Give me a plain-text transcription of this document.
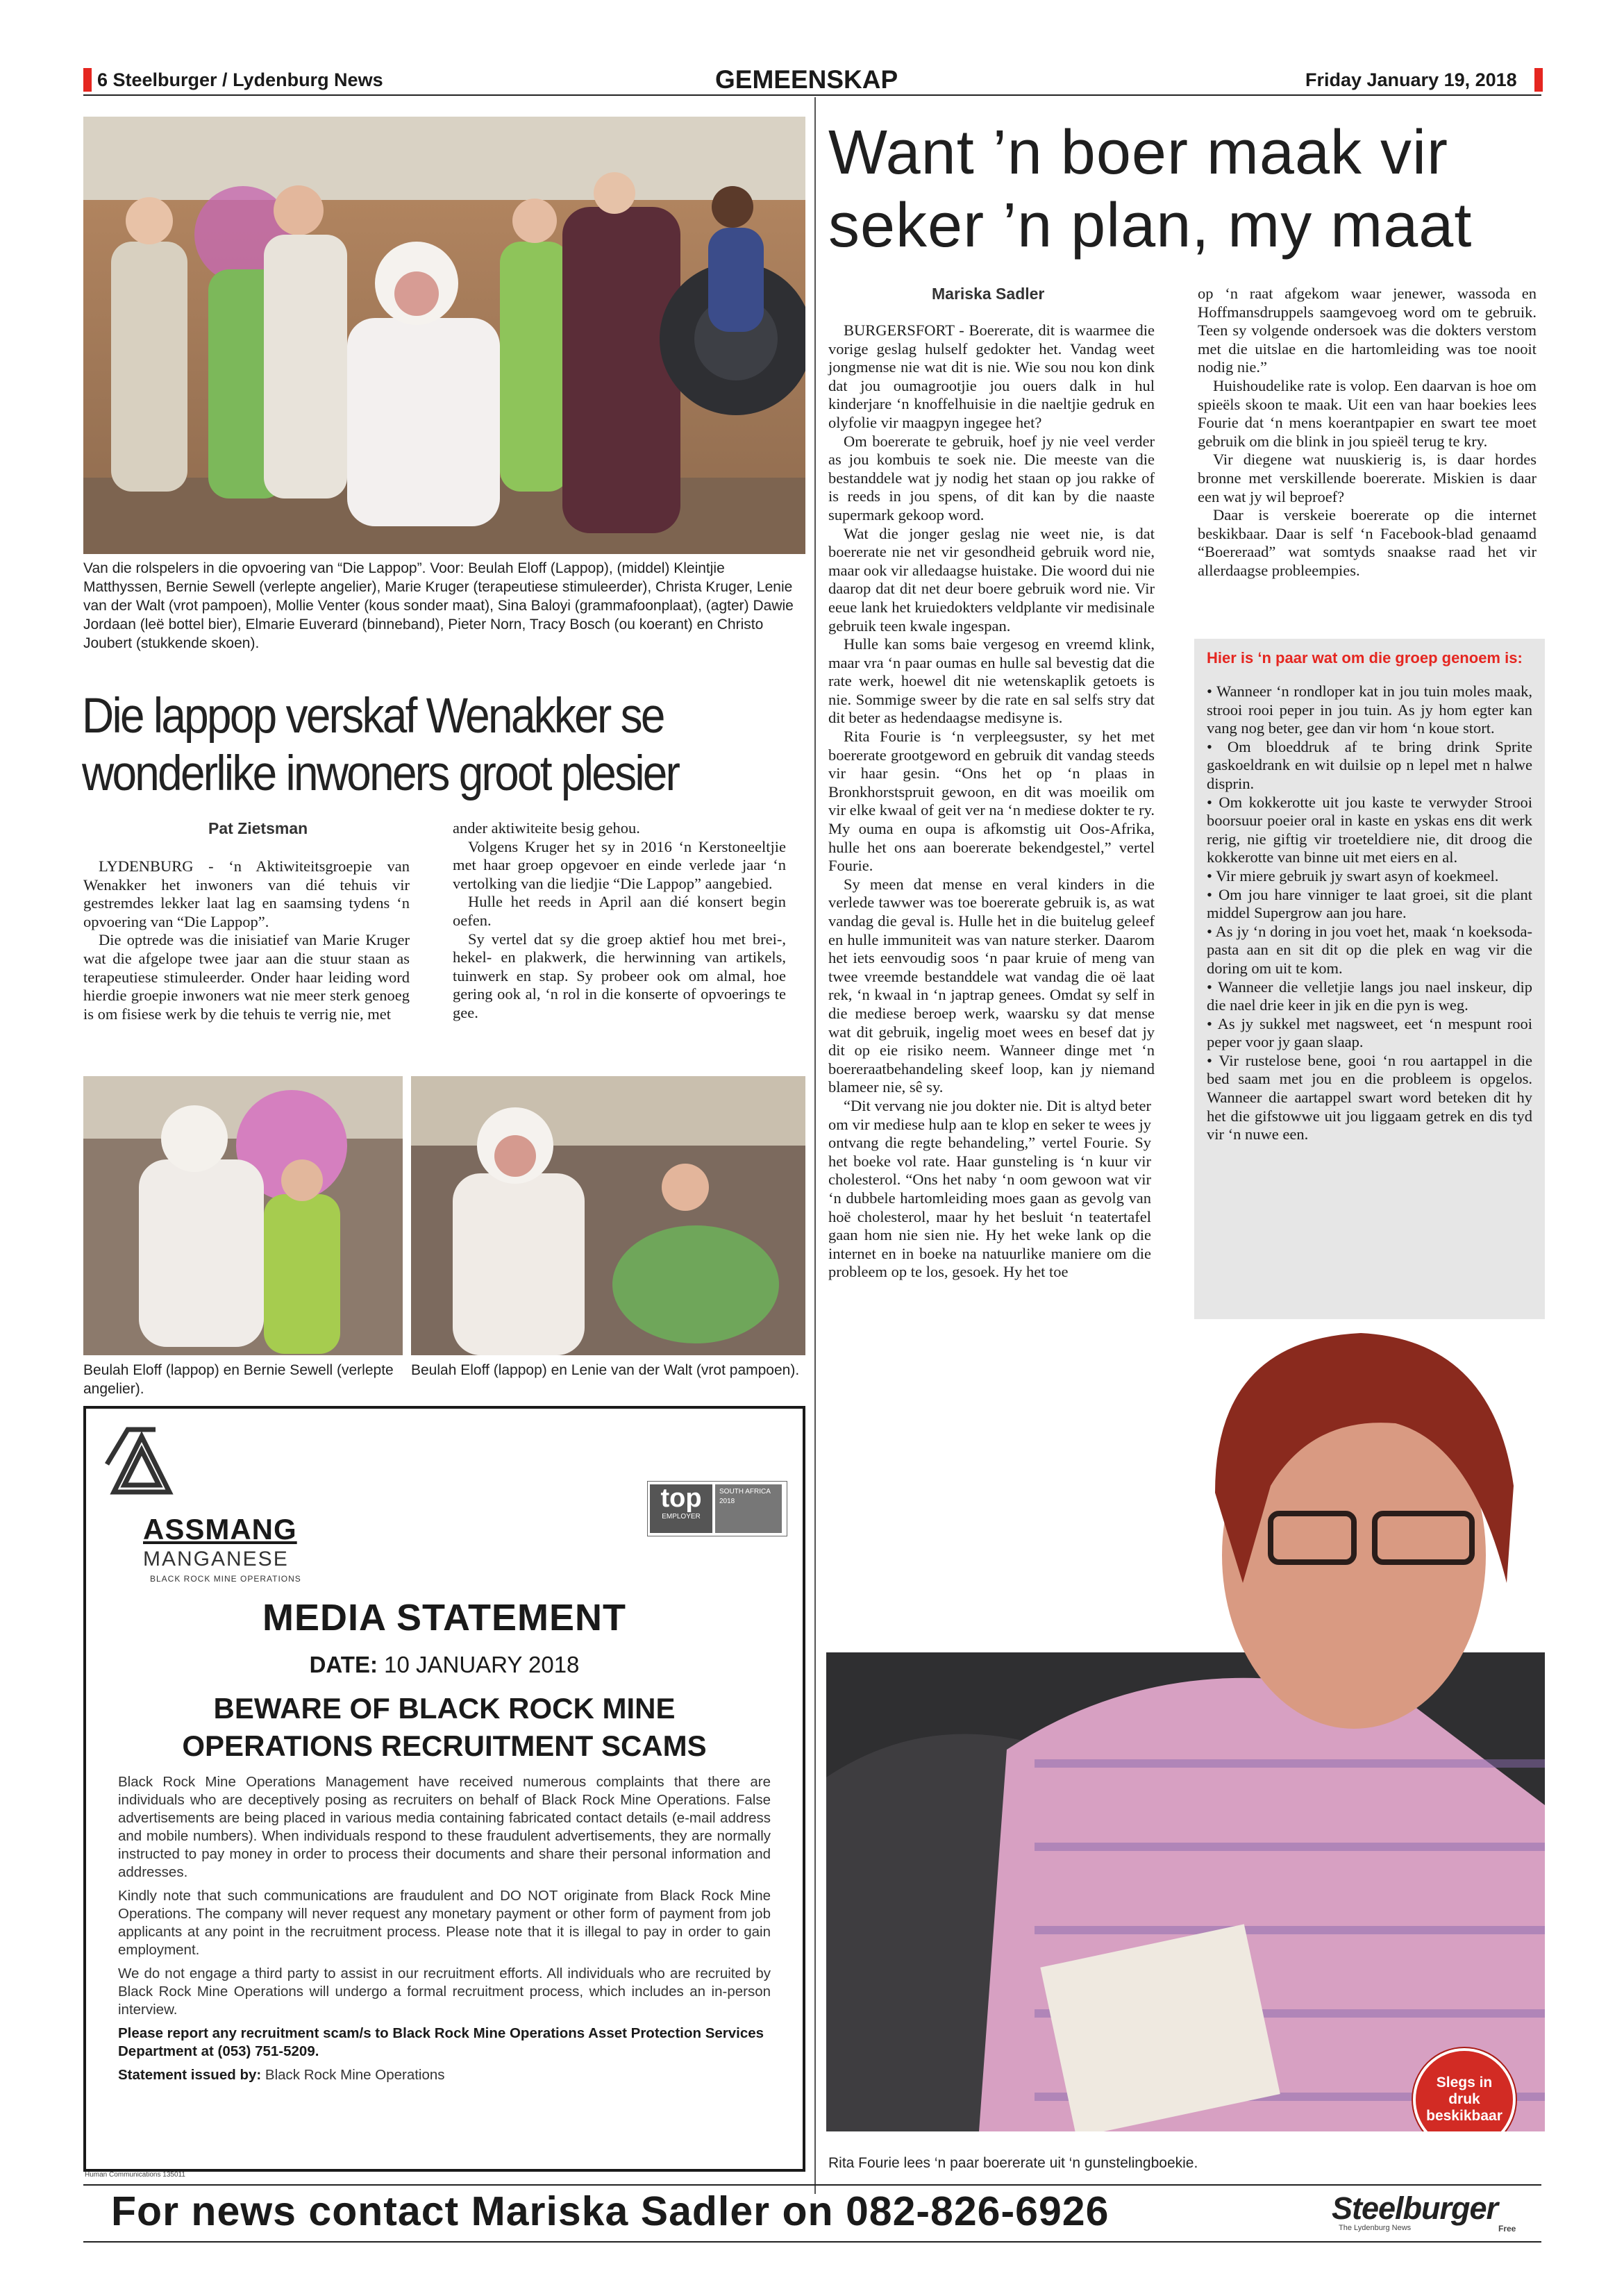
6 Steelburger / Lydenburg News	GEMEENSKAP	Friday January 19, 2018
Van die rolspelers in die opvoering van “Die Lappop”. Voor: Beulah Eloff (Lappop), (middel) Kleintjie Matthyssen, Bernie Sewell (verlepte angelier), Marie Kruger (terapeutiese stimuleerder), Christa Kruger, Lenie van der Walt (vrot pampoen), Mollie Venter (kous sonder maat), Sina Baloyi (grammafoonplaat), (agter) Dawie Jordaan (leë bottel bier), Elmarie Euverard (binneband), Pieter Norn, Tracy Bosch (ou koerant) en Christo Joubert (stukkende skoen).
Die lappop verskaf Wenakker se
wonderlike inwoners groot plesier
Pat Zietsman

LYDENBURG - ‘n Aktiwiteitsgroepie van Wenakker het inwoners van dié tehuis vir gestremdes lekker laat lag en saamsing tydens ‘n opvoering van “Die Lappop”.

Die optrede was die inisiatief van Marie Kruger wat die afgelope twee jaar aan die stuur staan as terapeutiese stimuleerder. Onder haar leiding word hierdie groepie inwoners wat nie meer sterk genoeg is om fisiese werk by die tehuis te verrig nie, met

ander aktiwiteite besig gehou.

Volgens Kruger het sy in 2016 ‘n Kerstoneeltjie met haar groep opgevoer en einde verlede jaar ‘n vertolking van die liedjie “Die Lappop” aangebied.

Hulle het reeds in April aan dié konsert begin oefen.

Sy vertel dat sy die groep aktief hou met brei-, hekel- en plakwerk, die herwinning van artikels, tuinwerk en stap. Sy probeer ook om almal, hoe gering ook al, ‘n rol in die konserte of opvoerings te gee.

Beulah Eloff (lappop) en Bernie Sewell (verlepte angelier).
Beulah Eloff (lappop) en Lenie van der Walt (vrot pampoen).
ASSMANG
MANGANESE
BLACK ROCK MINE OPERATIONS
top
EMPLOYER
SOUTH AFRICA
2018
MEDIA STATEMENT
DATE: 10 JANUARY 2018
BEWARE OF BLACK ROCK MINE
OPERATIONS RECRUITMENT SCAMS

Black Rock Mine Operations Management have received numerous complaints that there are individuals who are deceptively posing as recruiters on behalf of Black Rock Mine Operations. False advertisements are being placed in various media containing fabricated contact details (e-mail address and mobile numbers). When individuals respond to these fraudulent advertisements, they are normally instructed to pay money in order to process their documents and share their personal information and addresses.

Kindly note that such communications are fraudulent and DO NOT originate from Black Rock Mine Operations. The company will never request any monetary payment or other form of payment from job applicants at any point in the recruitment process. Please note that it is illegal to pay in order to gain employment.

We do not engage a third party to assist in our recruitment efforts. All individuals who are recruited by Black Rock Mine Operations will undergo a formal recruitment process, which includes an in-person interview.

Please report any recruitment scam/s to Black Rock Mine Operations Asset Protection Services Department at (053) 751-5209.

Statement issued by: Black Rock Mine Operations

Human Communications 135011
Want ’n boer maak vir
seker ’n plan, my maat
Mariska Sadler

BURGERSFORT - Boererate, dit is waarmee die vorige geslag hulself gedokter het. Vandag weet jongmense nie wat dit is nie. Wie sou nou kon dink dat jou oumagrootjie jou ouers dalk in hul kinderjare ‘n knoffelhuisie in die naeltjie gedruk en olyfolie vir maagpyn ingegee het?

Om boererate te gebruik, hoef jy nie veel verder as jou kombuis te soek nie. Die meeste van die bestanddele wat jy nodig het staan op jou rakke of is reeds in jou spens, of dit kan by die naaste supermark gekoop word.

Wat die jonger geslag nie weet nie, is dat boererate nie net vir gesondheid gebruik word nie, maar ook vir alledaagse huistake. Die woord dui nie daarop dat dit net deur boere gebruik word nie. Vir eeue lank het kruiedokters veldplante vir medisinale gebruik teen kwale ingespan.

Hulle kan soms baie vergesog en vreemd klink, maar vra ‘n paar oumas en hulle sal bevestig dat die rate werk, hoewel dit nie wetenskaplik getoets is nie. Sommige sweer by die rate en sal selfs stry dat dit beter as hedendaagse medisyne is.

Rita Fourie is ‘n verpleegsuster, sy het met boererate grootgeword en gebruik dit vandag steeds vir haar gesin. “Ons het op ‘n plaas in Bronkhorstspruit gewoon, en dit was moeilik om vir elke kwaal of geit ver na ‘n mediese dokter te ry. My ouma en oupa is afkomstig uit Oos-Afrika, hulle het ons aan boererate bekendgestel,” vertel Fourie.

Sy meen dat mense en veral kinders in die verlede tawwer was toe boererate gebruik is, as wat vandag die geval is. Hulle het in die buitelug geleef en hulle immuniteit was van nature sterker. Daarom het iets eenvoudig soos ‘n paar kruie of meng van twee vreemde bestanddele wat vandag die oë laat rek, ‘n kwaal in ‘n japtrap genees. Omdat sy self in die mediese beroep werk, waarsku sy dat mense wat dit gebruik, ingelig moet wees en besef dat jy dit op eie risiko neem. Wanneer dinge met ‘n boereraatbehandeling skeef loop, kan jy niemand blameer nie, sê sy.

“Dit vervang nie jou dokter nie. Dit is altyd beter om vir mediese hulp aan te klop en seker te wees jy ontvang die regte behandeling,” vertel Fourie. Sy het boeke vol rate. Haar gunsteling is ‘n kuur vir cholesterol. “Ons het naby ‘n oom gewoon wat vir ‘n dubbele hartomleiding moes gaan as gevolg van hoë cholesterol, maar hy het besluit ‘n teatertafel gaan hom nie sien nie. Hy het weke lank op die internet en in boeke na natuurlike maniere om die probleem op te los, gesoek. Hy het toe

op ‘n raat afgekom waar jenewer, wassoda en Hoffmansdruppels saamgevoeg word om te gebruik. Teen sy volgende ondersoek was die dokters verstom met die uitslae en die hartomleiding was toe nooit nodig nie.”

Huishoudelike rate is volop. Een daarvan is hoe om spieëls skoon te maak. Uit een van haar boekies lees Fourie dat ‘n mens koerantpapier en swart tee moet gebruik om die blink in jou spieël terug te kry.

Vir diegene wat nuuskierig is, is daar hordes bronne met verskillende boererate. Miskien is daar een wat jy wil beproef?

Daar is verskeie boererate op die internet beskikbaar. Daar is self ‘n Facebook-blad genaamd “Boereraad” wat somtyds snaakse raad het vir allerdaagse probleempies.

Hier is ‘n paar wat om die groep genoem is:
• Wanneer ‘n rondloper kat in jou tuin moles maak, strooi rooi peper in jou tuin. As jy hom egter kan vang nog beter, gee dan vir hom ‘n koue stort.
• Om bloeddruk af te bring drink Sprite gaskoeldrank en wit duilsie op n lepel met n halwe disprin.
• Om kokkerotte uit jou kaste te verwyder Strooi boorsuur poeier oral in kaste en yskas ens dit werk rerig, nie giftig vir troeteldiere nie, dit droog die kokkerotte van binne uit met eiers en al.
• Vir miere gebruik jy swart asyn of koekmeel.
• Om jou hare vinniger te laat groei, sit die plant middel Supergrow aan jou hare.
• As jy ‘n doring in jou voet het, maak ‘n koeksoda-pasta aan en sit dit op die plek en wag vir die doring om uit te kom.
• Wanneer die velletjie langs jou nael inskeur, dip die nael drie keer in jik en die pyn is weg.
• As jy sukkel met nagsweet, eet ‘n mespunt rooi peper voor jy gaan slaap.
• Vir rustelose bene, gooi ‘n rou aartappel in die bed saam met jou en die probleem is opgelos. Wanneer die aartappel swart word beteken dit hy het die gifstowwe uit jou liggaam getrek en dis tyd vir ‘n nuwe een.
Slegs in
druk
beskikbaar
Rita Fourie lees ‘n paar boererate uit ‘n gunstelingboekie.
For news contact Mariska Sadler on 082-826-6926	Steelburger
The Lydenburg News	Free
